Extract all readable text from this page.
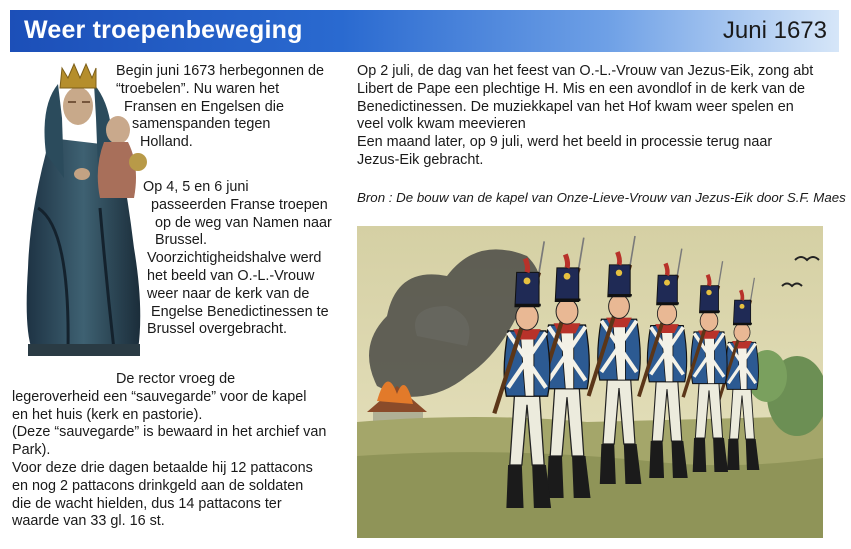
Weer troepenbeweging	Juni 1673

Begin juni 1673 herbegonnen de
“troebelen”. Nu waren het
Fransen en Engelsen die
samenspanden tegen
Holland.

Op 4, 5 en 6 juni
passeerden Franse troepen
op de weg van Namen naar
Brussel.
Voorzichtigheidshalve werd
het beeld van O.-L.-Vrouw
weer naar de kerk van de
Engelse Benedictinessen te
Brussel overgebracht.

De rector vroeg de
legeroverheid een “sauvegarde” voor de kapel
en het huis (kerk en pastorie).
(Deze “sauvegarde” is bewaard in het archief van
Park).
Voor deze drie dagen betaalde hij 12 pattacons
en nog 2 pattacons drinkgeld aan de soldaten
die de wacht hielden, dus 14 pattacons ter
waarde van 33 gl. 16 st.

Op 2 juli, de dag van het feest van O.-L.-Vrouw van Jezus-Eik, zong abt
Libert de Pape een plechtige H. Mis en een avondlof in de kerk van de
Benedictinessen. De muziekkapel van het Hof kwam weer spelen en
veel volk kwam meevieren
Een maand later, op 9 juli, werd het beeld in processie terug naar
Jezus-Eik gebracht.

Bron : De bouw van de kapel van Onze-Lieve-Vrouw van Jezus-Eik door S.F. Maes
